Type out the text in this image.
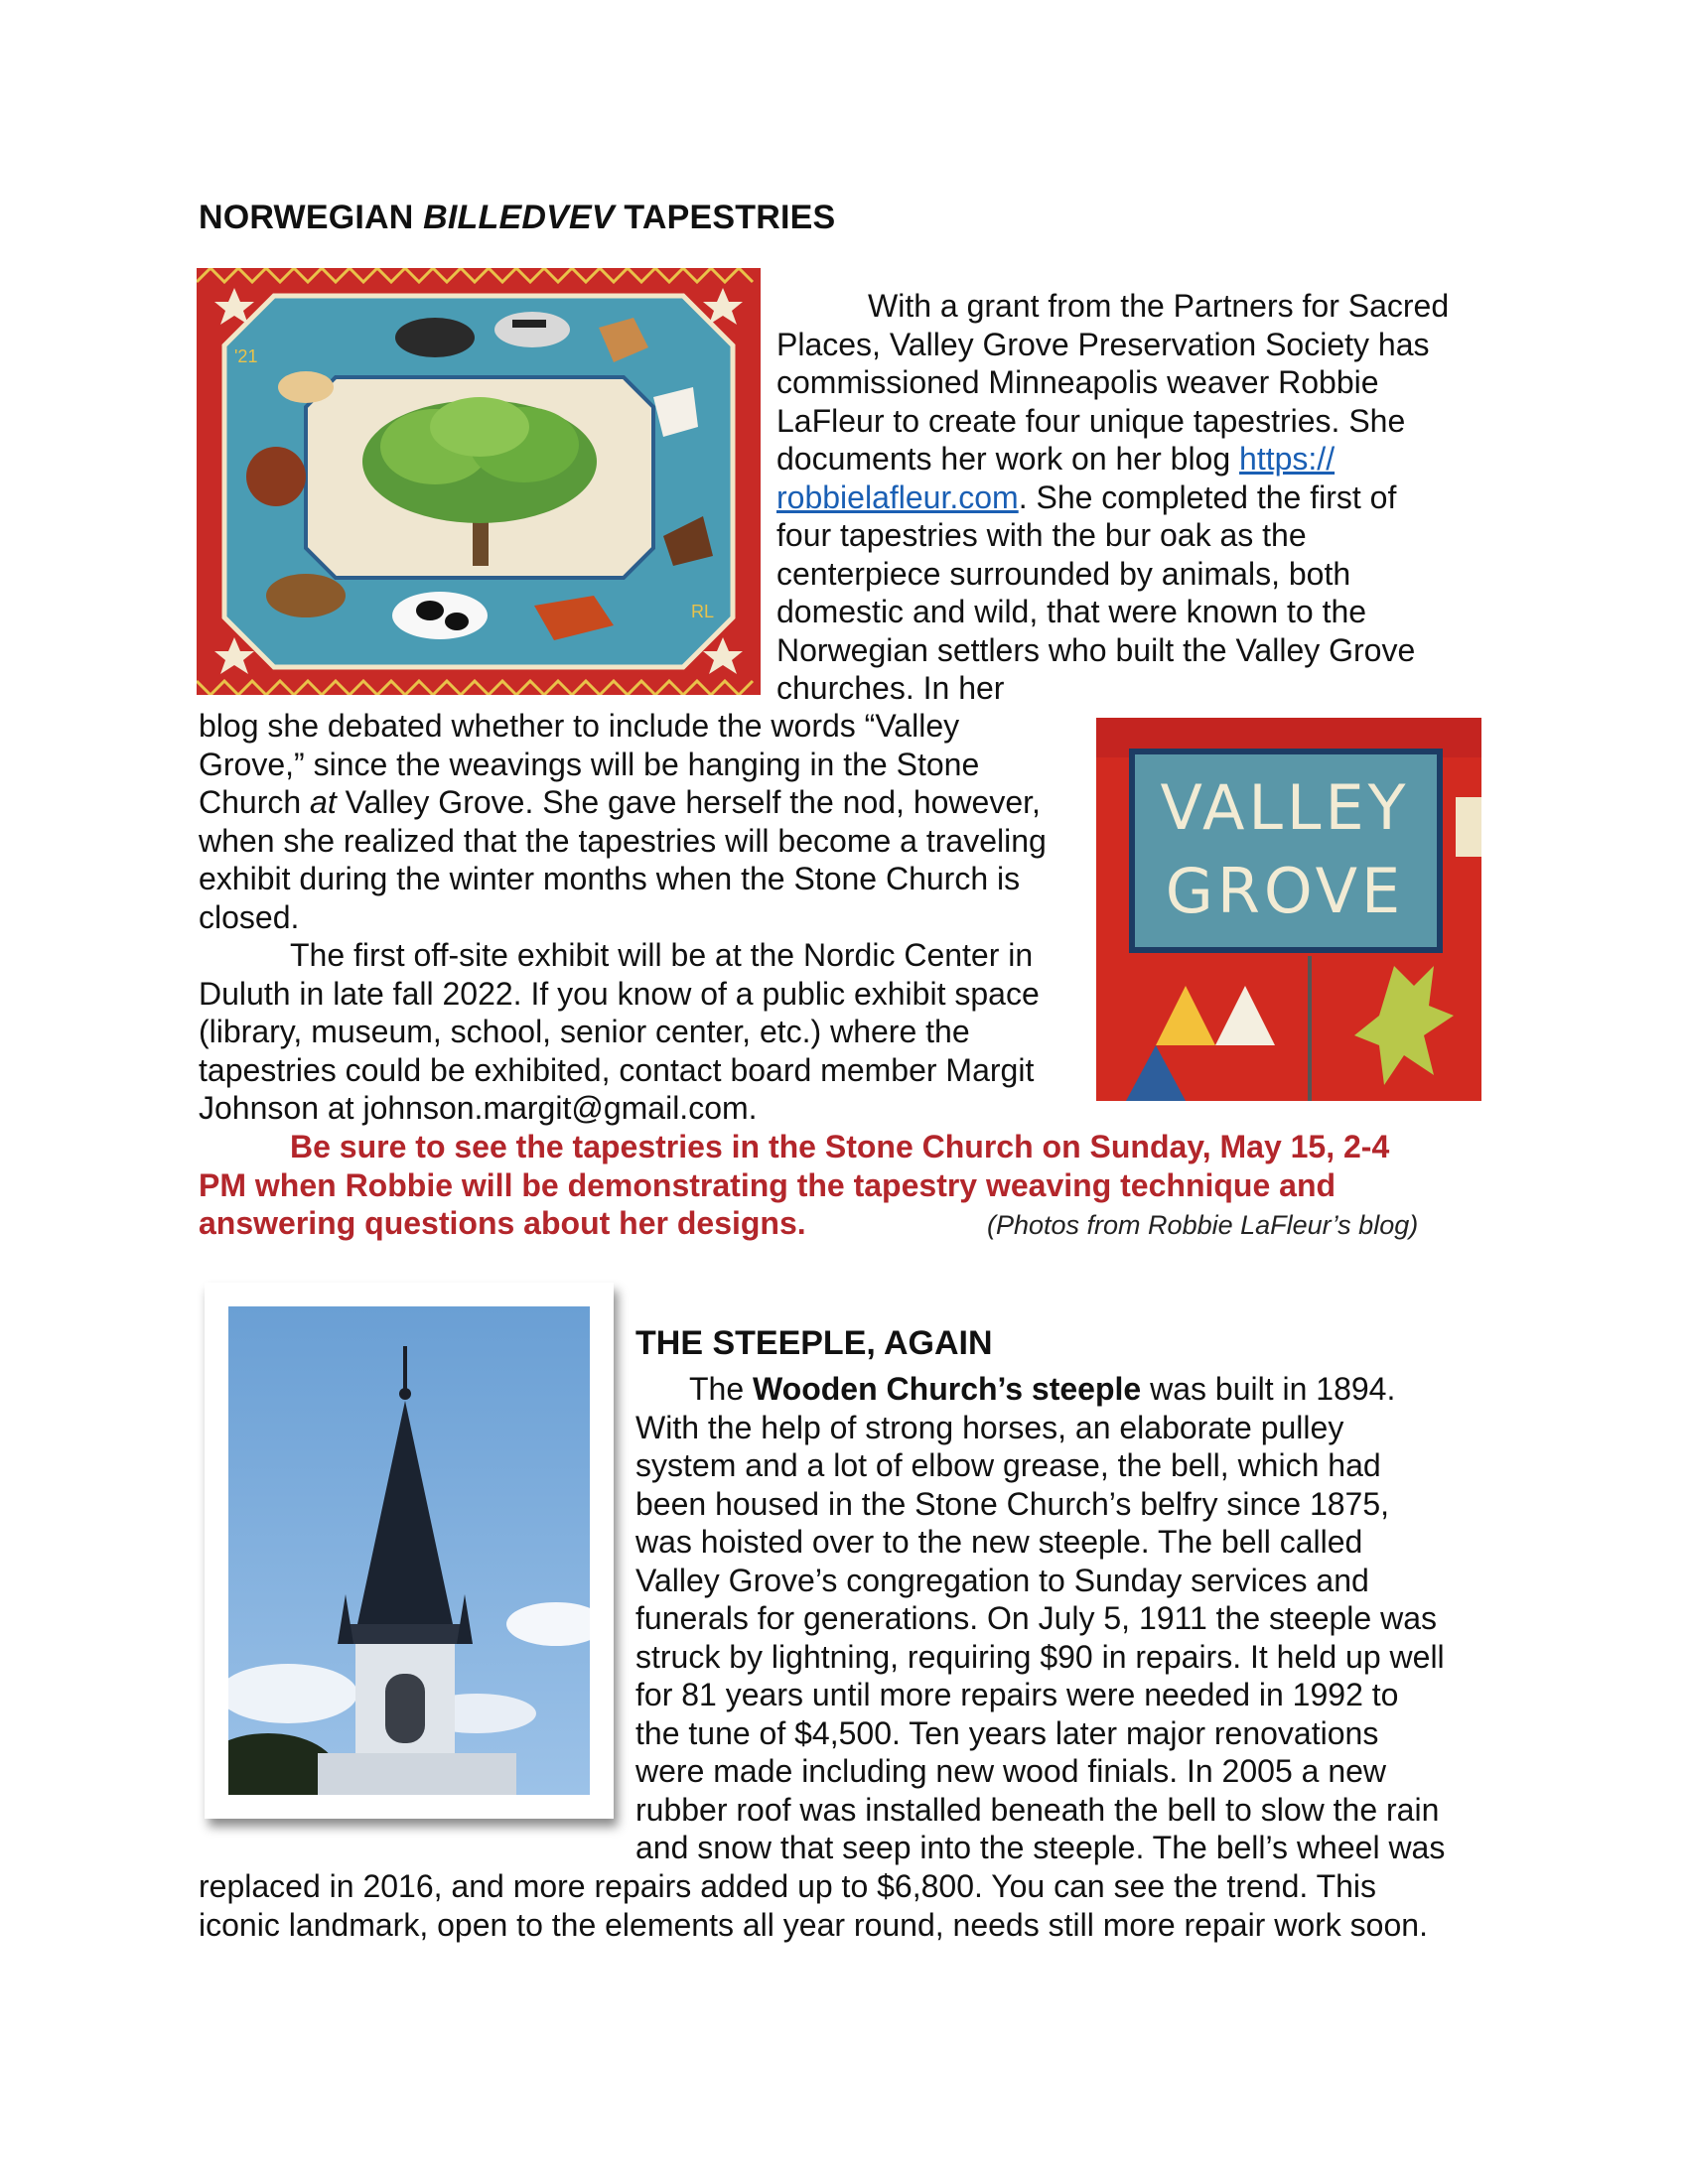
NORWEGIAN BILLEDVEV TAPESTRIES
'21
RL
With a grant from the Partners for Sacred
Places, Valley Grove Preservation Society has
commissioned Minneapolis weaver Robbie
LaFleur to create four unique tapestries. She
documents her work on her blog https://
robbielafleur.com. She completed the first of
four tapestries with the bur oak as the
centerpiece surrounded by animals, both
domestic and wild, that were known to the
Norwegian settlers who built the Valley Grove
churches. In her
VALLEY
GROVE
blog she debated whether to include the words “Valley
Grove,” since the weavings will be hanging in the Stone
Church at Valley Grove. She gave herself the nod, however,
when she realized that the tapestries will become a traveling
exhibit during the winter months when the Stone Church is
closed.
The first off-site exhibit will be at the Nordic Center in
Duluth in late fall 2022. If you know of a public exhibit space
(library, museum, school, senior center, etc.) where the
tapestries could be exhibited, contact board member Margit
Johnson at johnson.margit@gmail.com.
Be sure to see the tapestries in the Stone Church on Sunday, May 15, 2-4
PM when Robbie will be demonstrating the tapestry weaving technique and
answering questions about her designs.	(Photos from Robbie LaFleur’s blog)
THE STEEPLE, AGAIN
The Wooden Church’s steeple was built in 1894.
With the help of strong horses, an elaborate pulley
system and a lot of elbow grease, the bell, which had
been housed in the Stone Church’s belfry since 1875,
was hoisted over to the new steeple. The bell called
Valley Grove’s congregation to Sunday services and
funerals for generations. On July 5, 1911 the steeple was
struck by lightning, requiring $90 in repairs. It held up well
for 81 years until more repairs were needed in 1992 to
the tune of $4,500. Ten years later major renovations
were made including new wood finials. In 2005 a new
rubber roof was installed beneath the bell to slow the rain
and snow that seep into the steeple. The bell’s wheel was
replaced in 2016, and more repairs added up to $6,800. You can see the trend. This
iconic landmark, open to the elements all year round, needs still more repair work soon.
